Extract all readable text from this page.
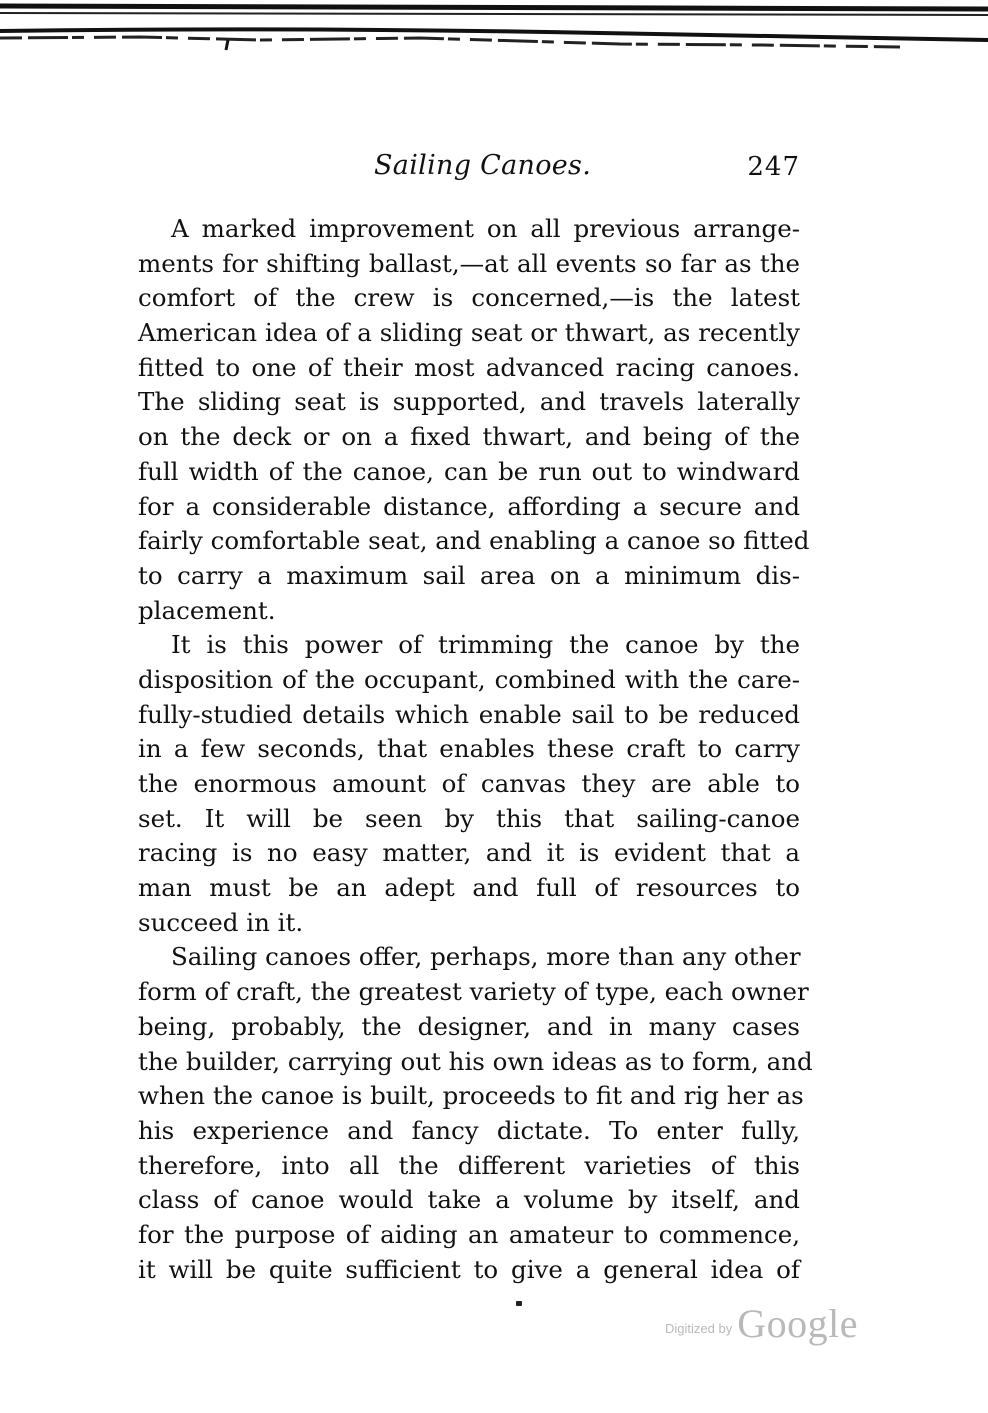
Sailing Canoes.	247
A marked improvement on all previous arrange-
ments for shifting ballast,—at all events so far as the
comfort of the crew is concerned,—is the latest
American idea of a sliding seat or thwart, as recently
fitted to one of their most advanced racing canoes.
The sliding seat is supported, and travels laterally
on the deck or on a fixed thwart, and being of the
full width of the canoe, can be run out to windward
for a considerable distance, affording a secure and
fairly comfortable seat, and enabling a canoe so fitted
to carry a maximum sail area on a minimum dis-
placement.
It is this power of trimming the canoe by the
disposition of the occupant, combined with the care-
fully-studied details which enable sail to be reduced
in a few seconds, that enables these craft to carry
the enormous amount of canvas they are able to
set. It will be seen by this that sailing-canoe
racing is no easy matter, and it is evident that a
man must be an adept and full of resources to
succeed in it.
Sailing canoes offer, perhaps, more than any other
form of craft, the greatest variety of type, each owner
being, probably, the designer, and in many cases
the builder, carrying out his own ideas as to form, and
when the canoe is built, proceeds to fit and rig her as
his experience and fancy dictate. To enter fully,
therefore, into all the different varieties of this
class of canoe would take a volume by itself, and
for the purpose of aiding an amateur to commence,
it will be quite sufficient to give a general idea of
$^{Digitized by}$ Google
